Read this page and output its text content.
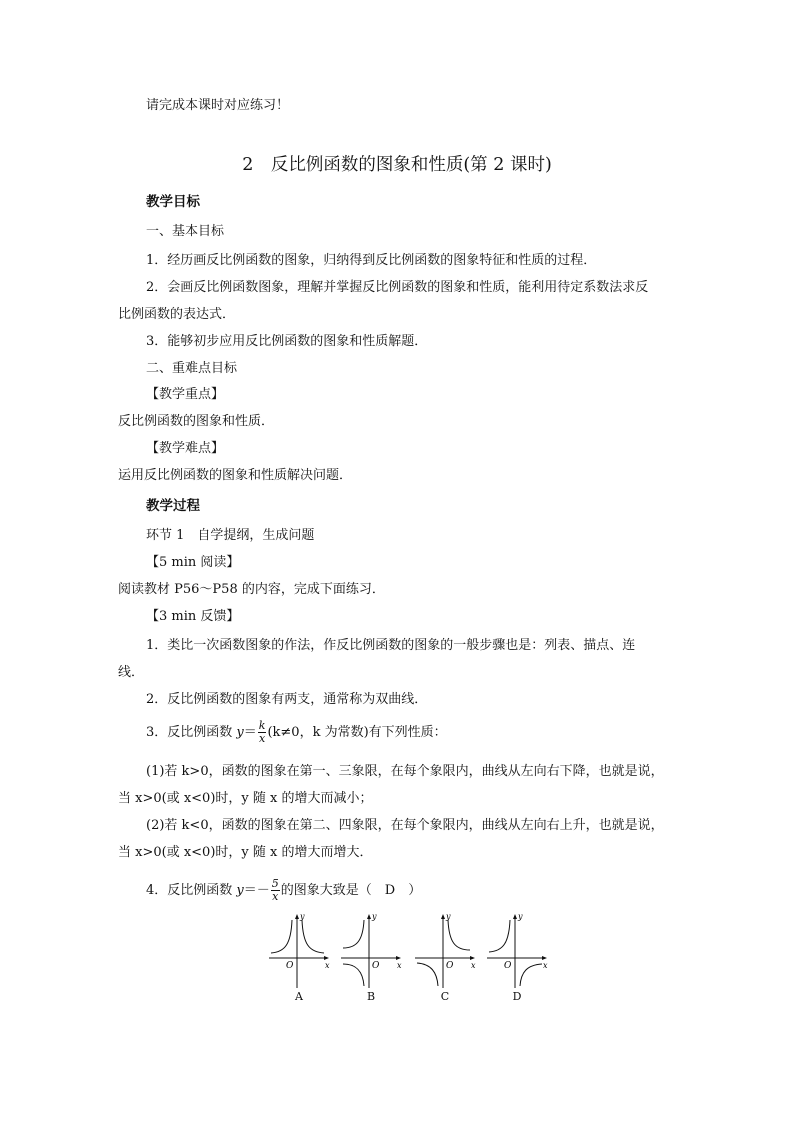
请完成本课时对应练习！
2　反比例函数的图象和性质(第 2 课时)
教学目标
一、基本目标
1．经历画反比例函数的图象，归纳得到反比例函数的图象特征和性质的过程．
2．会画反比例函数图象，理解并掌握反比例函数的图象和性质，能利用待定系数法求反
比例函数的表达式．
3．能够初步应用反比例函数的图象和性质解题．
二、重难点目标
【教学重点】
反比例函数的图象和性质．
【教学难点】
运用反比例函数的图象和性质解决问题．
教学过程
环节 1　自学提纲，生成问题
【5 min 阅读】
阅读教材 P56～P58 的内容，完成下面练习．
【3 min 反馈】
1．类比一次函数图象的作法，作反比例函数的图象的一般步骤也是：列表、描点、连
线．
2．反比例函数的图象有两支，通常称为双曲线．
3．反比例函数 $y= \frac{k}{x} (k\ne 0$，k 为常数)有下列性质：
(1)若 k>0，函数的图象在第一、三象限，在每个象限内，曲线从左向右下降，也就是说，
当 x>0(或 x<0)时，y 随 x 的增大而减小；
(2)若 k<0，函数的图象在第二、四象限，在每个象限内，曲线从左向右上升，也就是说，
当 x>0(或 x<0)时，y 随 x 的增大而增大．
4．反比例函数 $y=- \frac{5}{x}$ 的图象大致是（　D　）
y
O	x
A
y
O x
B
y
O x
C
y
O	x
D
